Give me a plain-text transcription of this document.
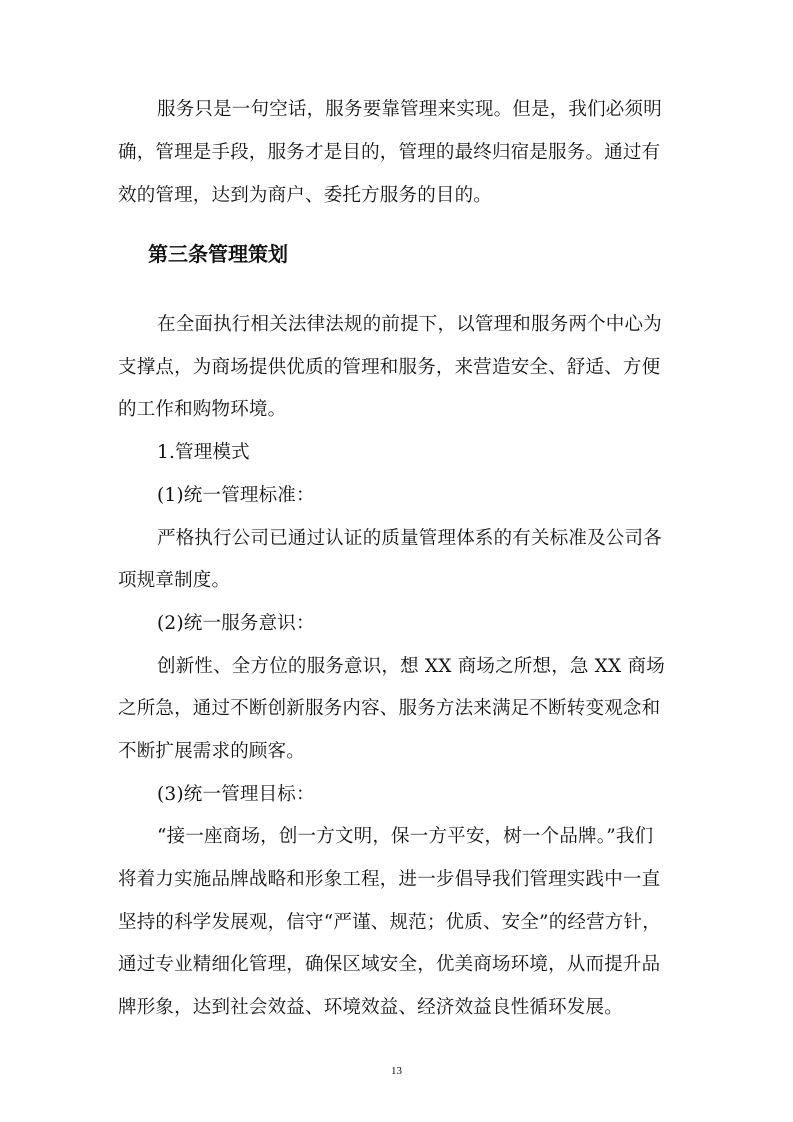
服务只是一句空话，服务要靠管理来实现。但是，我们必须明
确，管理是手段，服务才是目的，管理的最终归宿是服务。通过有
效的管理，达到为商户、委托方服务的目的。
第三条管理策划
在全面执行相关法律法规的前提下，以管理和服务两个中心为
支撑点，为商场提供优质的管理和服务，来营造安全、舒适、方便
的工作和购物环境。
1.管理模式
(1)统一管理标准：
严格执行公司已通过认证的质量管理体系的有关标准及公司各
项规章制度。
(2)统一服务意识：
创新性、全方位的服务意识，想 XX 商场之所想，急 XX 商场
之所急，通过不断创新服务内容、服务方法来满足不断转变观念和
不断扩展需求的顾客。
(3)统一管理目标：
“接一座商场，创一方文明，保一方平安，树一个品牌。”我们
将着力实施品牌战略和形象工程，进一步倡导我们管理实践中一直
坚持的科学发展观，信守“严谨、规范；优质、安全”的经营方针，
通过专业精细化管理，确保区域安全，优美商场环境，从而提升品
牌形象，达到社会效益、环境效益、经济效益良性循环发展。
13
